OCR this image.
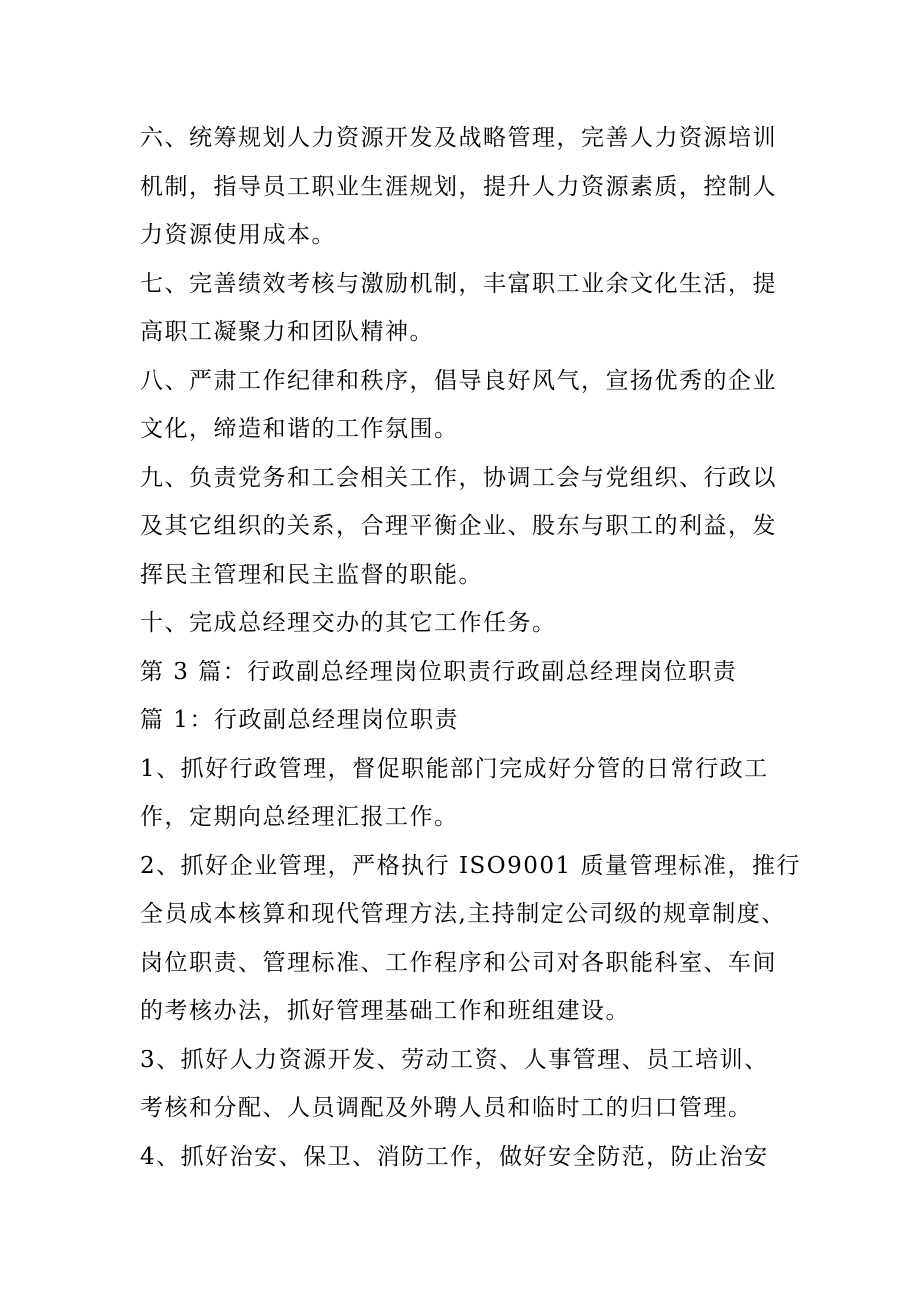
六、统筹规划人力资源开发及战略管理，完善人力资源培训
机制，指导员工职业生涯规划，提升人力资源素质，控制人
力资源使用成本。
七、完善绩效考核与激励机制，丰富职工业余文化生活，提
高职工凝聚力和团队精神。
八、严肃工作纪律和秩序，倡导良好风气，宣扬优秀的企业
文化，缔造和谐的工作氛围。
九、负责党务和工会相关工作，协调工会与党组织、行政以
及其它组织的关系，合理平衡企业、股东与职工的利益，发
挥民主管理和民主监督的职能。
十、完成总经理交办的其它工作任务。
第 3 篇：行政副总经理岗位职责行政副总经理岗位职责
篇 1：行政副总经理岗位职责
1、抓好行政管理，督促职能部门完成好分管的日常行政工
作，定期向总经理汇报工作。
2、抓好企业管理，严格执行 ISO9001 质量管理标准，推行
全员成本核算和现代管理方法,主持制定公司级的规章制度、
岗位职责、管理标准、工作程序和公司对各职能科室、车间
的考核办法，抓好管理基础工作和班组建设。
3、抓好人力资源开发、劳动工资、人事管理、员工培训、
考核和分配、人员调配及外聘人员和临时工的归口管理。
4、抓好治安、保卫、消防工作，做好安全防范，防止治安
